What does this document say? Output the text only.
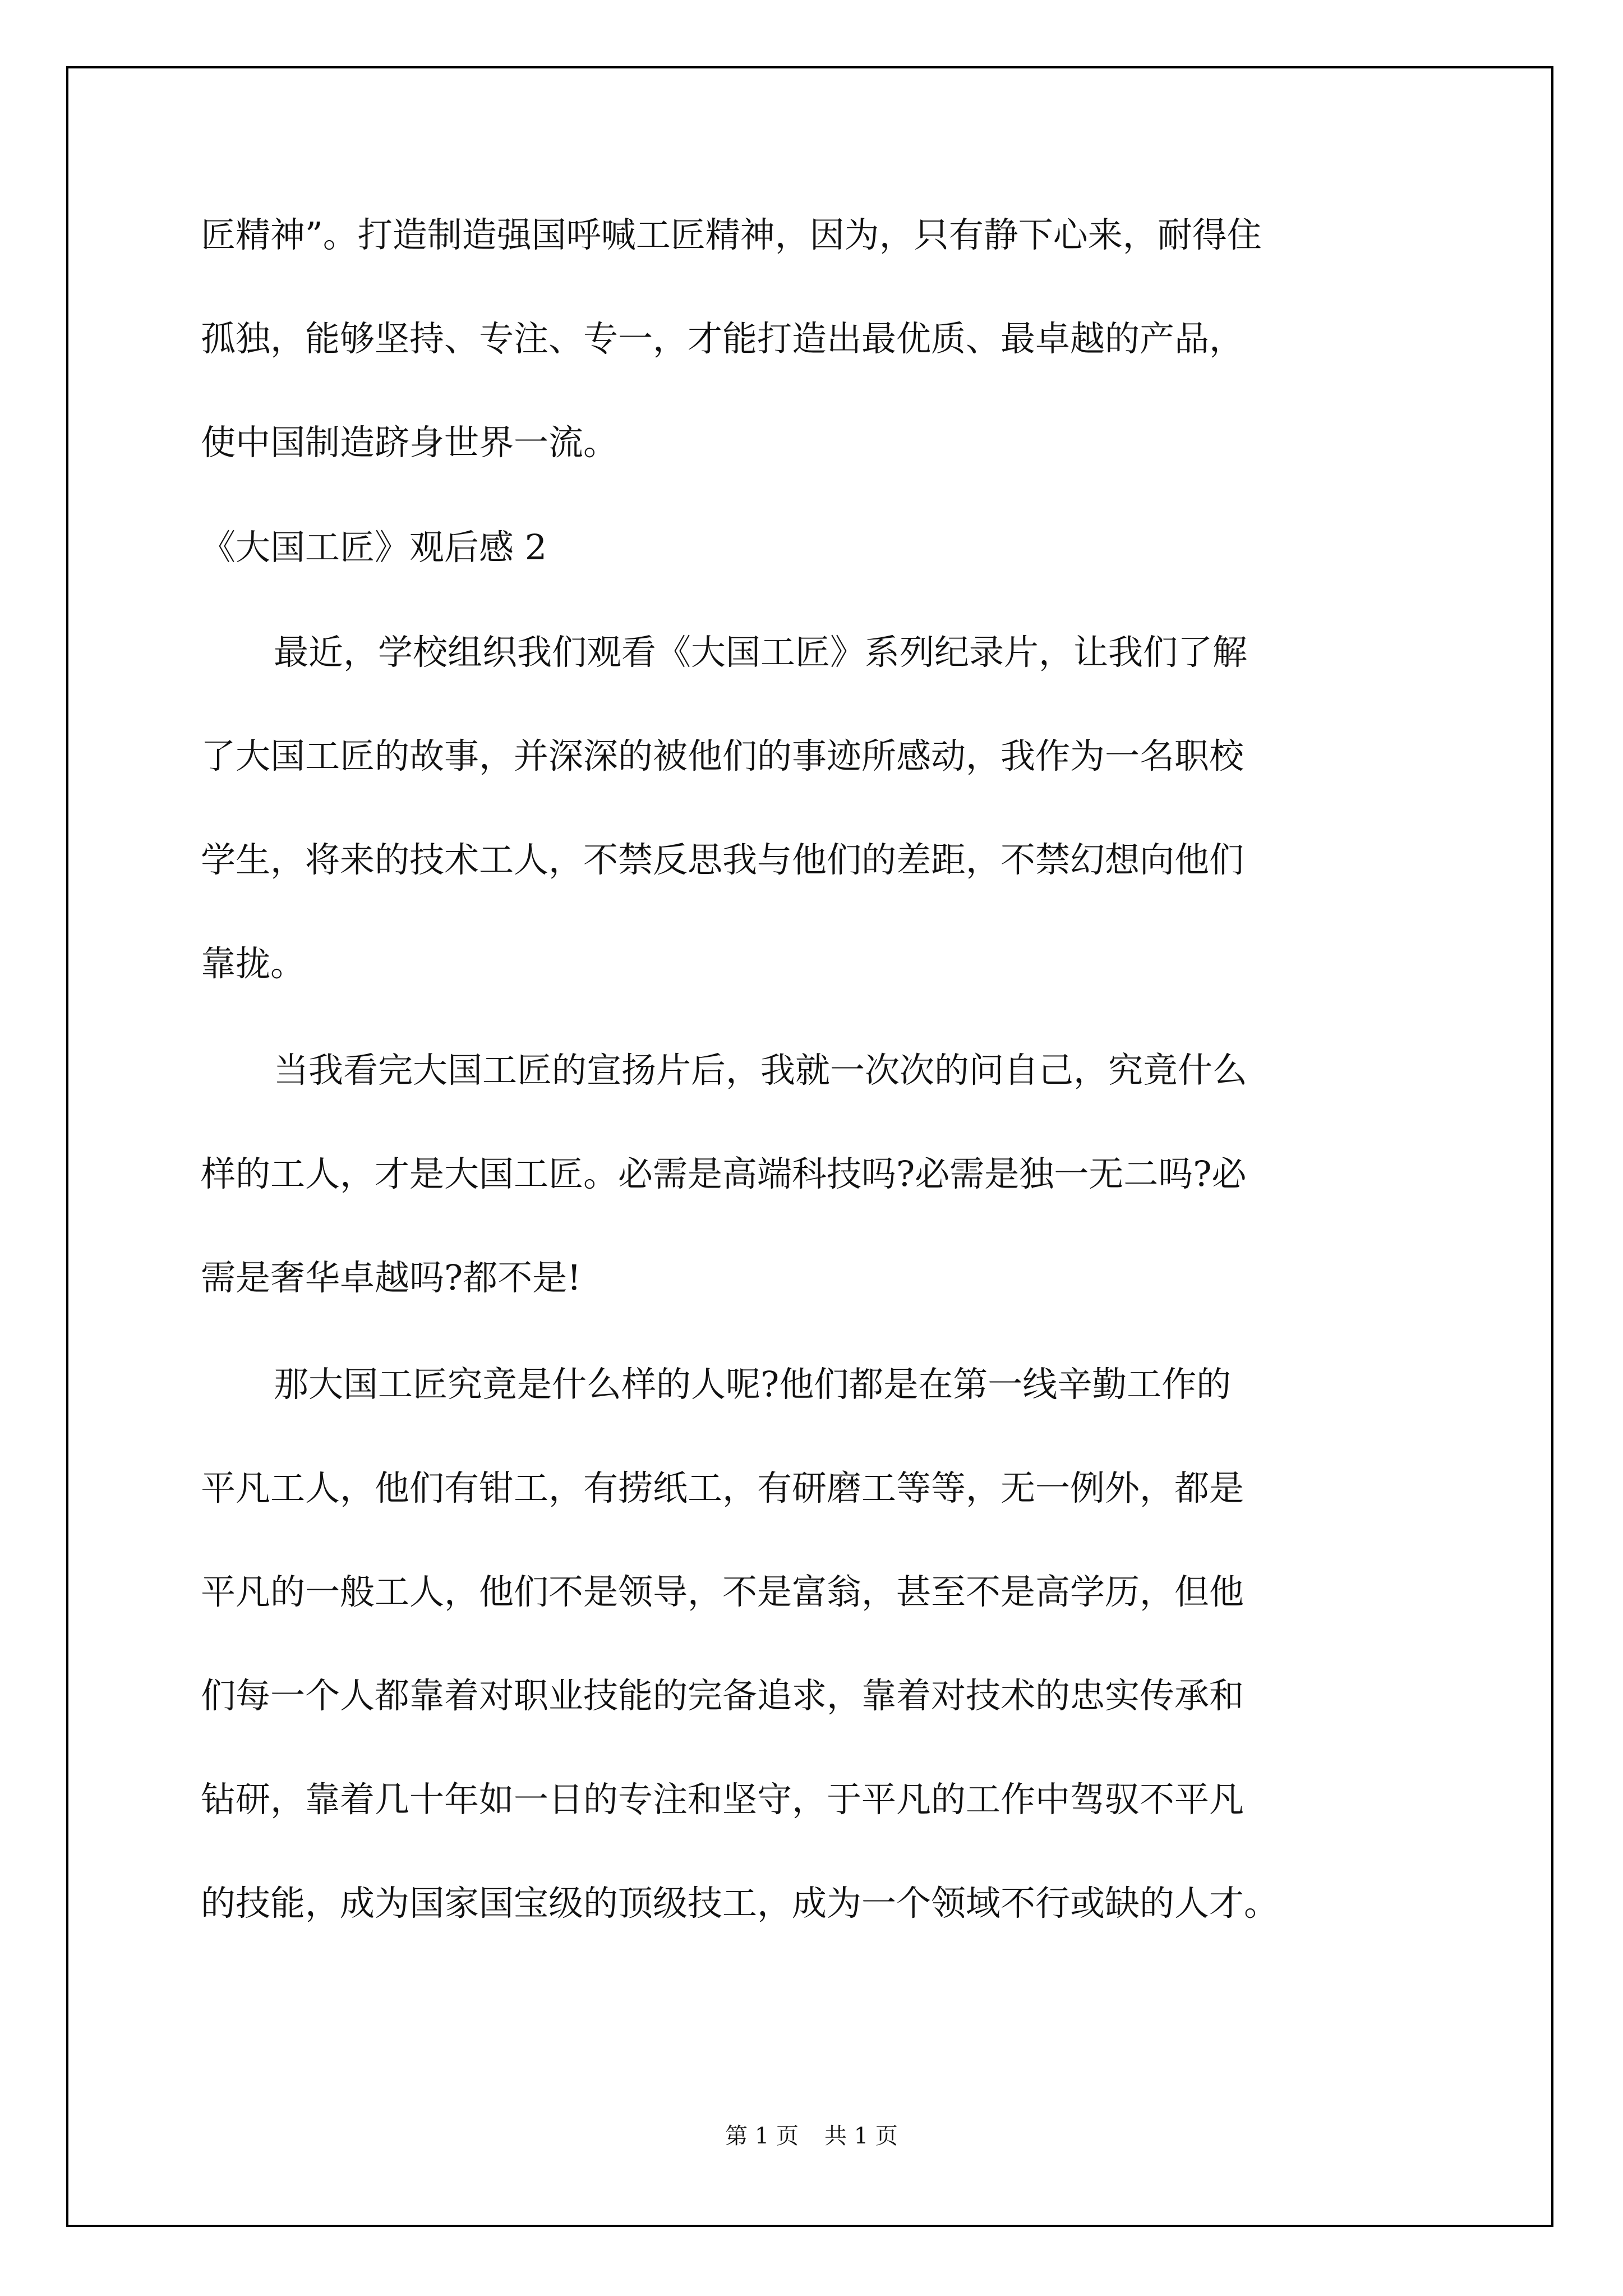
匠精神”。打造制造强国呼喊工匠精神，因为，只有静下心来，耐得住
孤独，能够坚持、专注、专一，才能打造出最优质、最卓越的产品，
使中国制造跻身世界一流。
《大国工匠》观后感 2
最近，学校组织我们观看《大国工匠》系列纪录片，让我们了解
了大国工匠的故事，并深深的被他们的事迹所感动，我作为一名职校
学生，将来的技术工人，不禁反思我与他们的差距，不禁幻想向他们
靠拢。
当我看完大国工匠的宣扬片后，我就一次次的问自己，究竟什么
样的工人，才是大国工匠。必需是高端科技吗?必需是独一无二吗?必
需是奢华卓越吗?都不是!
那大国工匠究竟是什么样的人呢?他们都是在第一线辛勤工作的
平凡工人，他们有钳工，有捞纸工，有研磨工等等，无一例外，都是
平凡的一般工人，他们不是领导，不是富翁，甚至不是高学历，但他
们每一个人都靠着对职业技能的完备追求，靠着对技术的忠实传承和
钻研，靠着几十年如一日的专注和坚守，于平凡的工作中驾驭不平凡
的技能，成为国家国宝级的顶级技工，成为一个领域不行或缺的人才。
第 1 页 共 1 页
